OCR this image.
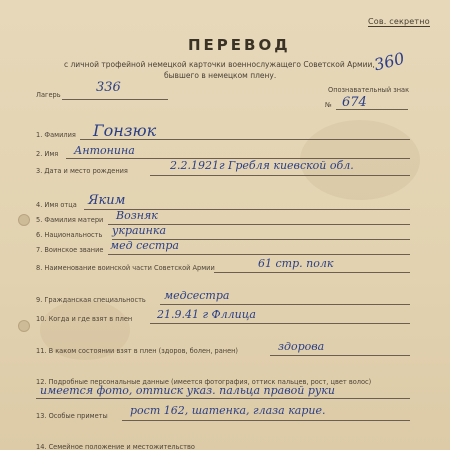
Сов. секретно
ПЕРЕВОД
с личной трофейной немецкой карточки военнослужащего Советской Армии,
бывшего в немецком плену.
360
Лагерь	336	Опознавательный знак
№ 674
1. Фамилия Гонзюк
2. Имя Антонина
3. Дата и место рождения	2.2.1921г Гребля киевской обл.
4. Имя отца Яким
5. Фамилия матери Возняк
6. Национальность украинка
7. Воинское звание мед сестра
8. Наименование воинской части Советской Армии	61 стр. полк
9. Гражданская специальность медсестра
10. Когда и где взят в плен 21.9.41 г Фллица
11. В каком состоянии взят в плен (здоров, болен, ранен)	здорова
12. Подробные персональные данные (имеется фотография, оттиск пальцев, рост, цвет волос)
имеется фото, оттиск указ. пальца правой руки
13. Особые приметы рост 162, шатенка, глаза карие.
14. Семейное положение и местожительство
